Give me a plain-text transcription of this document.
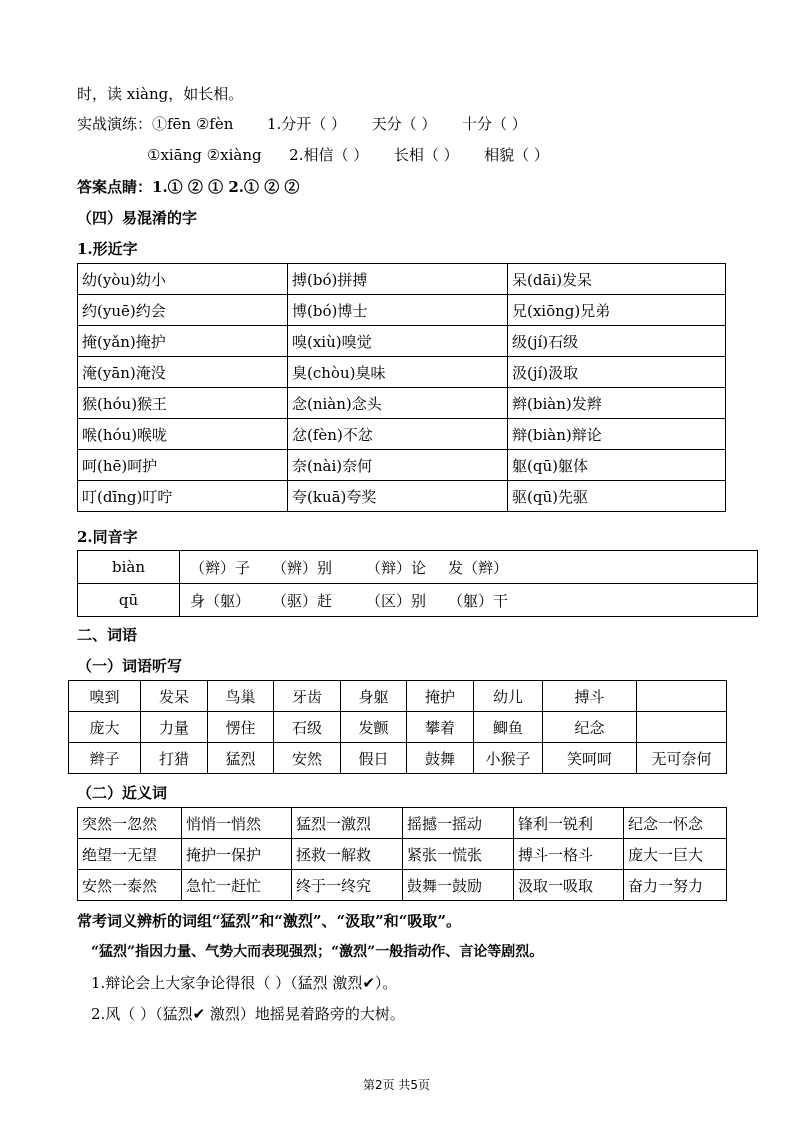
时，读 xiàng，如长相。
实战演练：①fēn ②fèn 1.分开（ ） 天分（ ） 十分（ ）
①xiāng ②xiàng 2.相信（ ） 长相（ ） 相貌（ ）
答案点睛：1.① ② ① 2.① ② ②
（四）易混淆的字
1.形近字
幼(yòu)幼小	搏(bó)拼搏	呆(dāi)发呆
约(yuē)约会	博(bó)博士	兄(xiōng)兄弟
掩(yǎn)掩护	嗅(xiù)嗅觉	级(jí)石级
淹(yān)淹没	臭(chòu)臭味	汲(jí)汲取
猴(hóu)猴王	念(niàn)念头	辫(biàn)发辫
喉(hóu)喉咙	忿(fèn)不忿	辩(biàn)辩论
呵(hē)呵护	奈(nài)奈何	躯(qū)躯体
叮(dīng)叮咛	夸(kuā)夸奖	驱(qū)先驱
2.同音字
biàn	（辫）子 （辨）别 （辩）论 发（辫）
qū	身（躯） （驱）赶 （区）别 （躯）干
二、词语
（一）词语听写
嗅到	发呆	鸟巢	牙齿	身躯	掩护	幼儿	搏斗	
庞大	力量	愣住	石级	发颤	攀着	鲫鱼	纪念	
辫子	打猎	猛烈	安然	假日	鼓舞	小猴子	笑呵呵	无可奈何
（二）近义词
突然一忽然	悄悄一悄然	猛烈一激烈	摇撼一摇动	锋利一锐利	纪念一怀念
绝望一无望	掩护一保护	拯救一解救	紧张一慌张	搏斗一格斗	庞大一巨大
安然一泰然	急忙一赶忙	终于一终究	鼓舞一鼓励	汲取一吸取	奋力一努力
常考词义辨析的词组“猛烈”和“激烈”、“汲取”和“吸取”。
“猛烈”指因力量、气势大而表现强烈；“激烈”一般指动作、言论等剧烈。
1.辩论会上大家争论得很（ ）（猛烈 激烈✔）。
2.风（ ）（猛烈✔ 激烈）地摇晃着路旁的大树。
第2页 共5页
